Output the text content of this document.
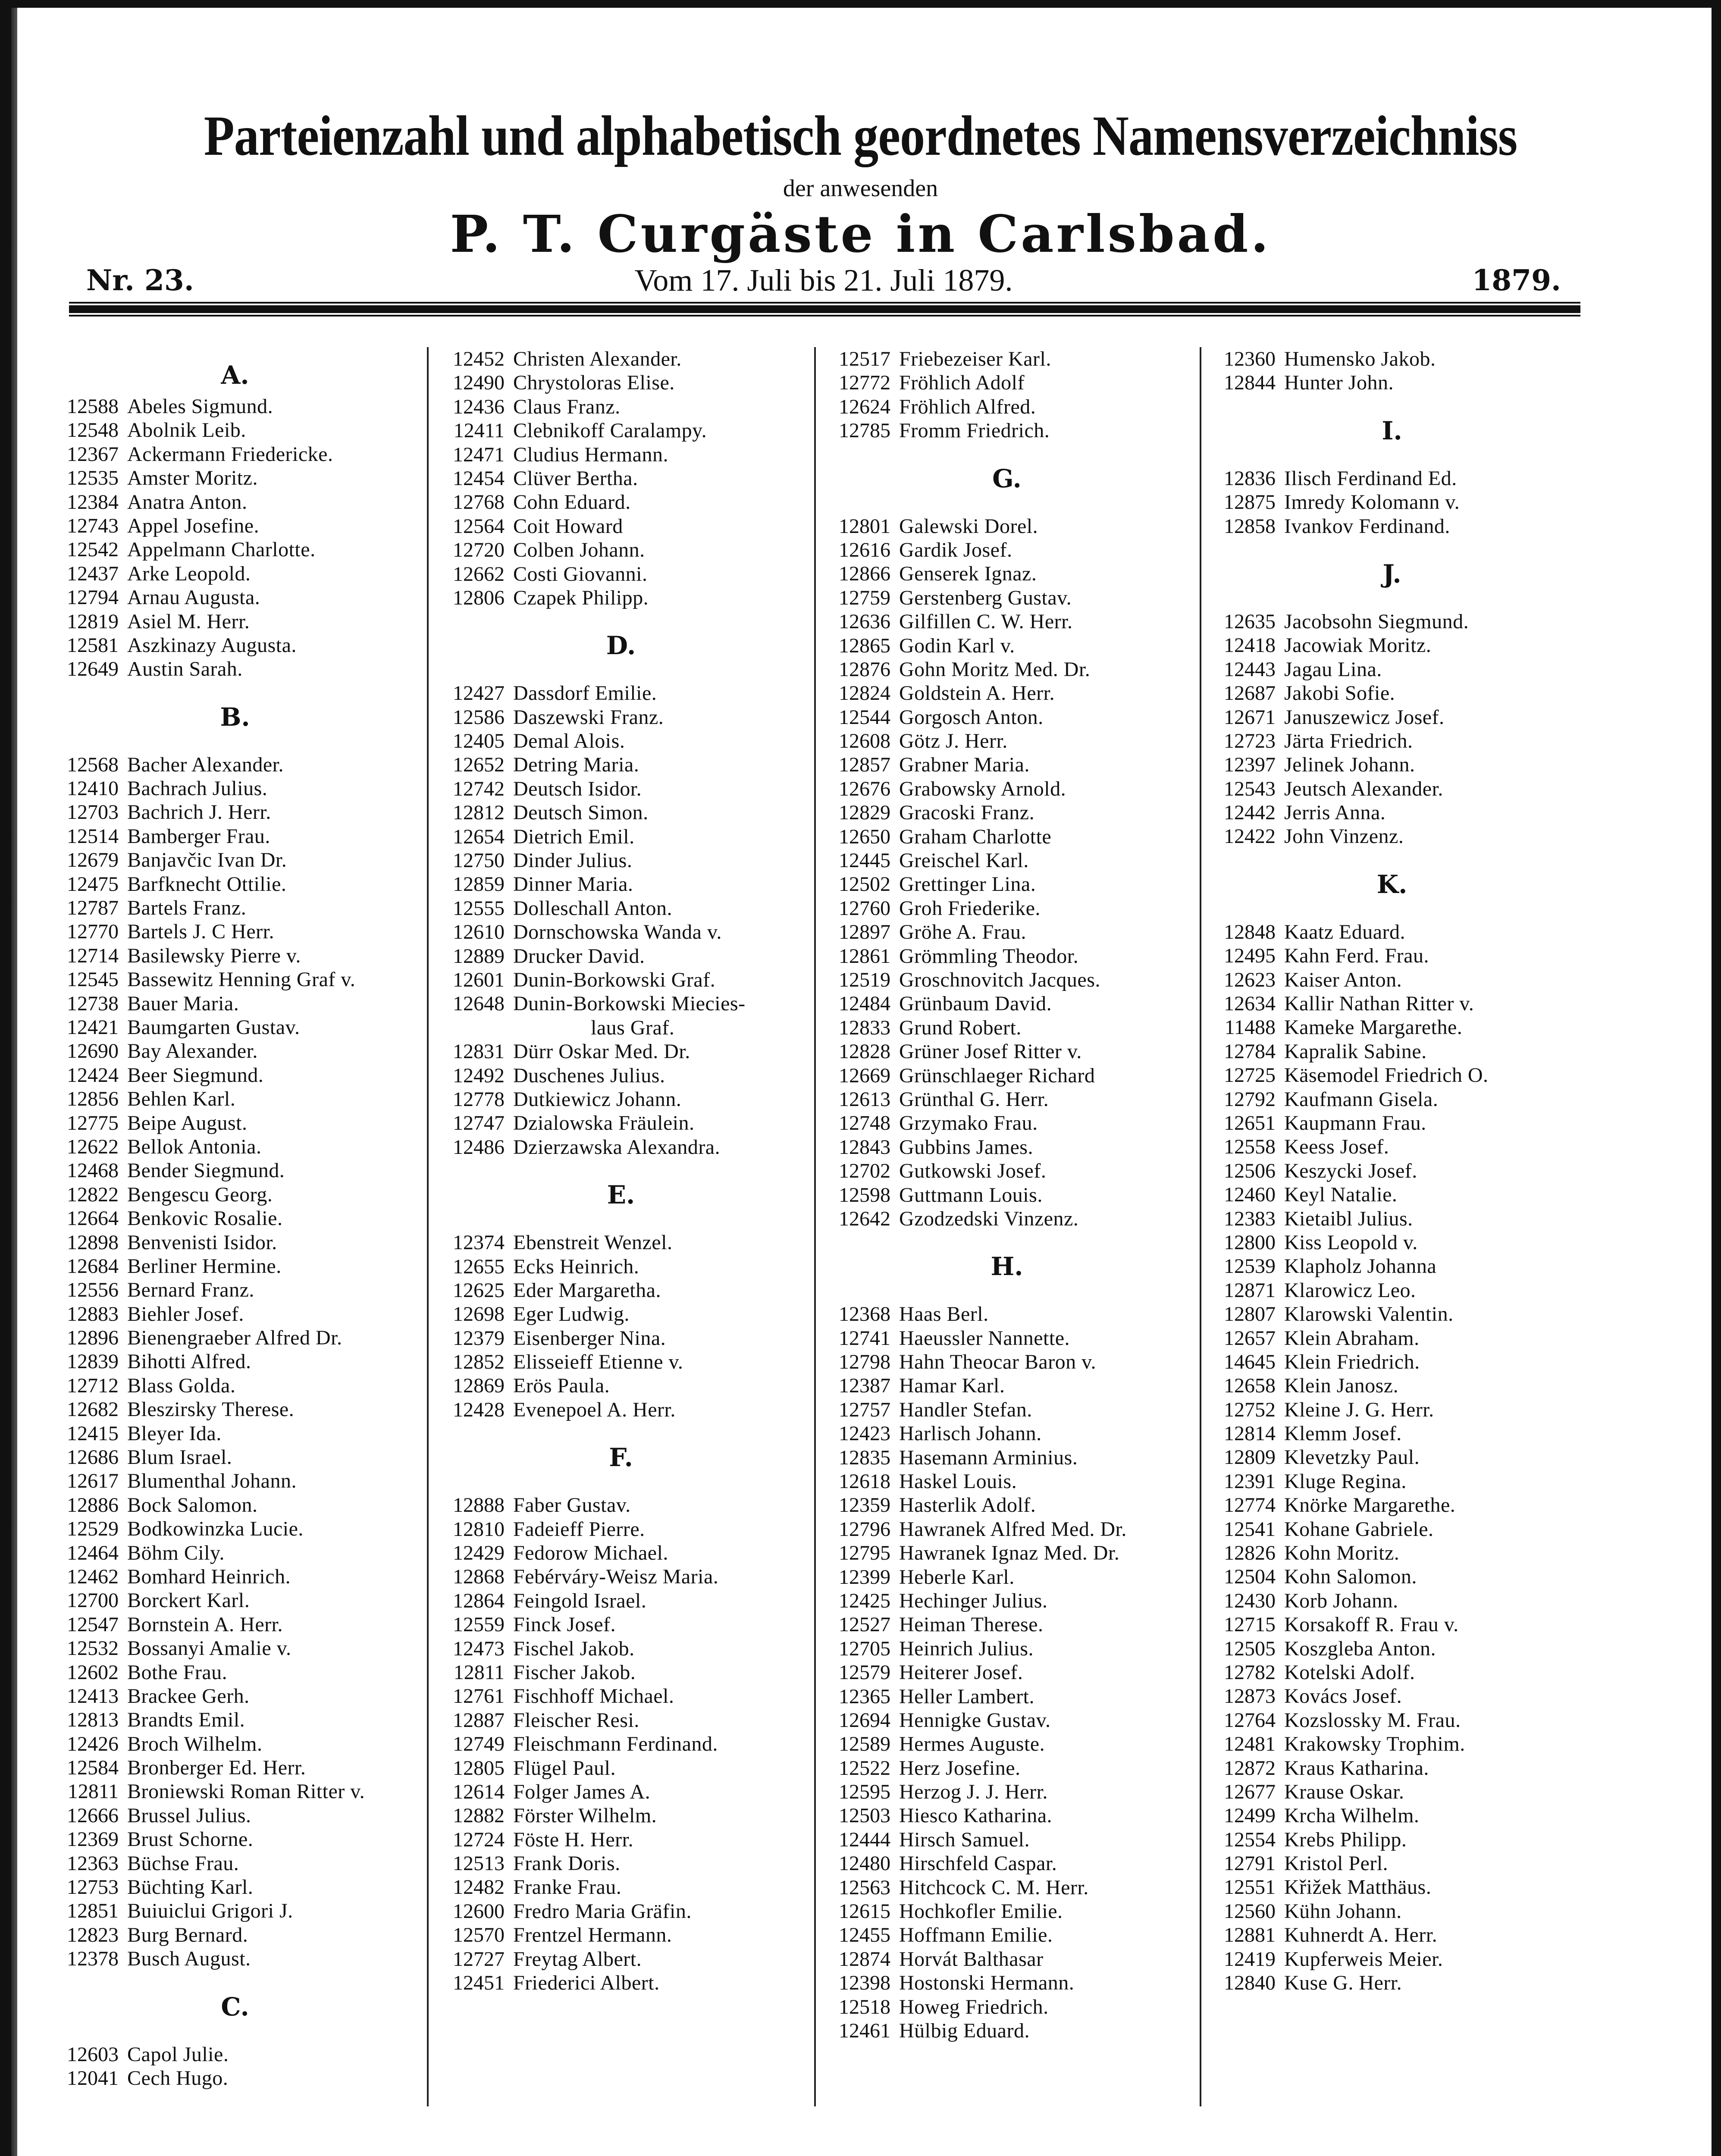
Parteienzahl und alphabetisch geordnetes Namensverzeichniss
der anwesenden
P. T. Curgäste in Carlsbad.
Vom 17. Juli bis 21. Juli 1879.
Nr. 23.	1879.
A.
12588 Abeles Sigmund.
12548 Abolnik Leib.
12367 Ackermann Friedericke.
12535 Amster Moritz.
12384 Anatra Anton.
12743 Appel Josefine.
12542 Appelmann Charlotte.
12437 Arke Leopold.
12794 Arnau Augusta.
12819 Asiel M. Herr.
12581 Aszkinazy Augusta.
12649 Austin Sarah.
B.
12568 Bacher Alexander.
12410 Bachrach Julius.
12703 Bachrich J. Herr.
12514 Bamberger Frau.
12679 Banjavčic Ivan Dr.
12475 Barfknecht Ottilie.
12787 Bartels Franz.
12770 Bartels J. C Herr.
12714 Basilewsky Pierre v.
12545 Bassewitz Henning Graf v.
12738 Bauer Maria.
12421 Baumgarten Gustav.
12690 Bay Alexander.
12424 Beer Siegmund.
12856 Behlen Karl.
12775 Beipe August.
12622 Bellok Antonia.
12468 Bender Siegmund.
12822 Bengescu Georg.
12664 Benkovic Rosalie.
12898 Benvenisti Isidor.
12684 Berliner Hermine.
12556 Bernard Franz.
12883 Biehler Josef.
12896 Bienengraeber Alfred Dr.
12839 Bihotti Alfred.
12712 Blass Golda.
12682 Bleszirsky Therese.
12415 Bleyer Ida.
12686 Blum Israel.
12617 Blumenthal Johann.
12886 Bock Salomon.
12529 Bodkowinzka Lucie.
12464 Böhm Cily.
12462 Bomhard Heinrich.
12700 Borckert Karl.
12547 Bornstein A. Herr.
12532 Bossanyi Amalie v.
12602 Bothe Frau.
12413 Brackee Gerh.
12813 Brandts Emil.
12426 Broch Wilhelm.
12584 Bronberger Ed. Herr.
12811 Broniewski Roman Ritter v.
12666 Brussel Julius.
12369 Brust Schorne.
12363 Büchse Frau.
12753 Büchting Karl.
12851 Buiuiclui Grigori J.
12823 Burg Bernard.
12378 Busch August.
C.
12603 Capol Julie.
12041 Cech Hugo.
12452 Christen Alexander.
12490 Chrystoloras Elise.
12436 Claus Franz.
12411 Clebnikoff Caralampy.
12471 Cludius Hermann.
12454 Clüver Bertha.
12768 Cohn Eduard.
12564 Coit Howard
12720 Colben Johann.
12662 Costi Giovanni.
12806 Czapek Philipp.
D.
12427 Dassdorf Emilie.
12586 Daszewski Franz.
12405 Demal Alois.
12652 Detring Maria.
12742 Deutsch Isidor.
12812 Deutsch Simon.
12654 Dietrich Emil.
12750 Dinder Julius.
12859 Dinner Maria.
12555 Dolleschall Anton.
12610 Dornschowska Wanda v.
12889 Drucker David.
12601 Dunin-Borkowski Graf.
12648 Dunin-Borkowski Miecies-
laus Graf.
12831 Dürr Oskar Med. Dr.
12492 Duschenes Julius.
12778 Dutkiewicz Johann.
12747 Dzialowska Fräulein.
12486 Dzierzawska Alexandra.
E.
12374 Ebenstreit Wenzel.
12655 Ecks Heinrich.
12625 Eder Margaretha.
12698 Eger Ludwig.
12379 Eisenberger Nina.
12852 Elisseieff Etienne v.
12869 Erös Paula.
12428 Evenepoel A. Herr.
F.
12888 Faber Gustav.
12810 Fadeieff Pierre.
12429 Fedorow Michael.
12868 Febérváry-Weisz Maria.
12864 Feingold Israel.
12559 Finck Josef.
12473 Fischel Jakob.
12811 Fischer Jakob.
12761 Fischhoff Michael.
12887 Fleischer Resi.
12749 Fleischmann Ferdinand.
12805 Flügel Paul.
12614 Folger James A.
12882 Förster Wilhelm.
12724 Föste H. Herr.
12513 Frank Doris.
12482 Franke Frau.
12600 Fredro Maria Gräfin.
12570 Frentzel Hermann.
12727 Freytag Albert.
12451 Friederici Albert.
12517 Friebezeiser Karl.
12772 Fröhlich Adolf
12624 Fröhlich Alfred.
12785 Fromm Friedrich.
G.
12801 Galewski Dorel.
12616 Gardik Josef.
12866 Genserek Ignaz.
12759 Gerstenberg Gustav.
12636 Gilfillen C. W. Herr.
12865 Godin Karl v.
12876 Gohn Moritz Med. Dr.
12824 Goldstein A. Herr.
12544 Gorgosch Anton.
12608 Götz J. Herr.
12857 Grabner Maria.
12676 Grabowsky Arnold.
12829 Gracoski Franz.
12650 Graham Charlotte
12445 Greischel Karl.
12502 Grettinger Lina.
12760 Groh Friederike.
12897 Gröhe A. Frau.
12861 Grömmling Theodor.
12519 Groschnovitch Jacques.
12484 Grünbaum David.
12833 Grund Robert.
12828 Grüner Josef Ritter v.
12669 Grünschlaeger Richard
12613 Grünthal G. Herr.
12748 Grzymako Frau.
12843 Gubbins James.
12702 Gutkowski Josef.
12598 Guttmann Louis.
12642 Gzodzedski Vinzenz.
H.
12368 Haas Berl.
12741 Haeussler Nannette.
12798 Hahn Theocar Baron v.
12387 Hamar Karl.
12757 Handler Stefan.
12423 Harlisch Johann.
12835 Hasemann Arminius.
12618 Haskel Louis.
12359 Hasterlik Adolf.
12796 Hawranek Alfred Med. Dr.
12795 Hawranek Ignaz Med. Dr.
12399 Heberle Karl.
12425 Hechinger Julius.
12527 Heiman Therese.
12705 Heinrich Julius.
12579 Heiterer Josef.
12365 Heller Lambert.
12694 Hennigke Gustav.
12589 Hermes Auguste.
12522 Herz Josefine.
12595 Herzog J. J. Herr.
12503 Hiesco Katharina.
12444 Hirsch Samuel.
12480 Hirschfeld Caspar.
12563 Hitchcock C. M. Herr.
12615 Hochkofler Emilie.
12455 Hoffmann Emilie.
12874 Horvát Balthasar
12398 Hostonski Hermann.
12518 Howeg Friedrich.
12461 Hülbig Eduard.
12360 Humensko Jakob.
12844 Hunter John.
I.
12836 Ilisch Ferdinand Ed.
12875 Imredy Kolomann v.
12858 Ivankov Ferdinand.
J.
12635 Jacobsohn Siegmund.
12418 Jacowiak Moritz.
12443 Jagau Lina.
12687 Jakobi Sofie.
12671 Januszewicz Josef.
12723 Järta Friedrich.
12397 Jelinek Johann.
12543 Jeutsch Alexander.
12442 Jerris Anna.
12422 John Vinzenz.
K.
12848 Kaatz Eduard.
12495 Kahn Ferd. Frau.
12623 Kaiser Anton.
12634 Kallir Nathan Ritter v.
11488 Kameke Margarethe.
12784 Kapralik Sabine.
12725 Käsemodel Friedrich O.
12792 Kaufmann Gisela.
12651 Kaupmann Frau.
12558 Keess Josef.
12506 Keszycki Josef.
12460 Keyl Natalie.
12383 Kietaibl Julius.
12800 Kiss Leopold v.
12539 Klapholz Johanna
12871 Klarowicz Leo.
12807 Klarowski Valentin.
12657 Klein Abraham.
14645 Klein Friedrich.
12658 Klein Janosz.
12752 Kleine J. G. Herr.
12814 Klemm Josef.
12809 Klevetzky Paul.
12391 Kluge Regina.
12774 Knörke Margarethe.
12541 Kohane Gabriele.
12826 Kohn Moritz.
12504 Kohn Salomon.
12430 Korb Johann.
12715 Korsakoff R. Frau v.
12505 Koszgleba Anton.
12782 Kotelski Adolf.
12873 Kovács Josef.
12764 Kozslossky M. Frau.
12481 Krakowsky Trophim.
12872 Kraus Katharina.
12677 Krause Oskar.
12499 Krcha Wilhelm.
12554 Krebs Philipp.
12791 Kristol Perl.
12551 Křižek Matthäus.
12560 Kühn Johann.
12881 Kuhnerdt A. Herr.
12419 Kupferweis Meier.
12840 Kuse G. Herr.
